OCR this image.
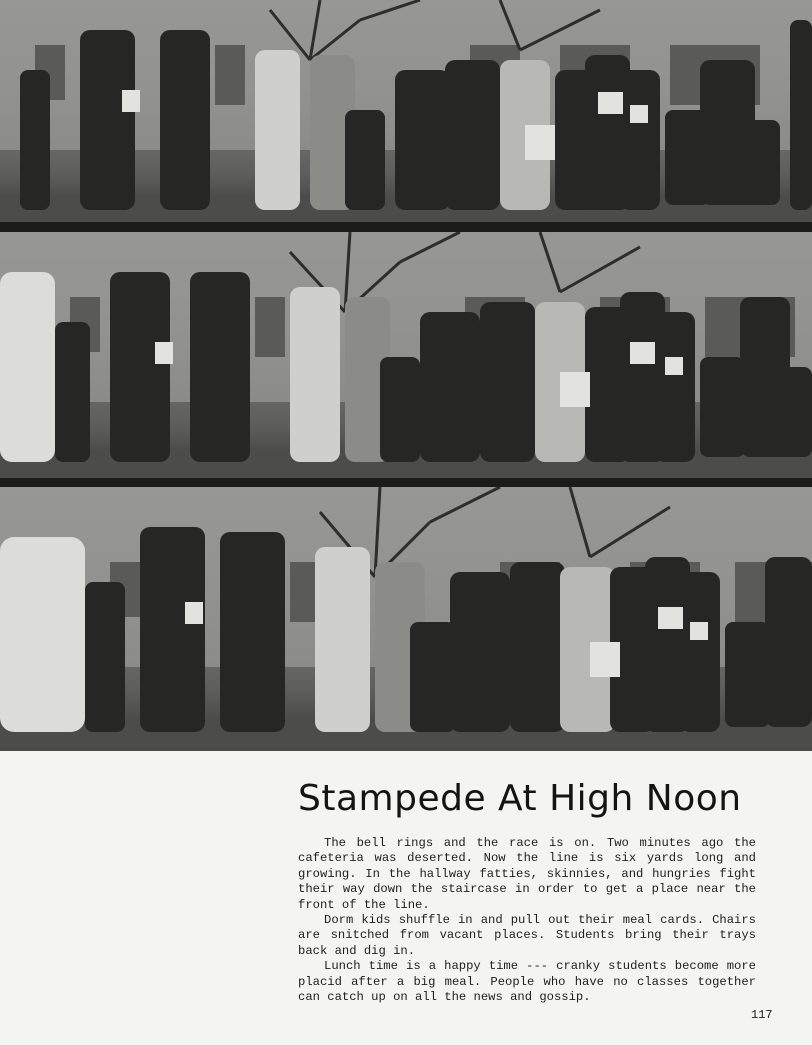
Stampede At High Noon

The bell rings and the race is on. Two minutes ago the cafeteria was deserted. Now the line is six yards long and growing. In the hallway fatties, skinnies, and hungries fight their way down the staircase in order to get a place near the front of the line.

Dorm kids shuffle in and pull out their meal cards. Chairs are snitched from vacant places. Students bring their trays back and dig in.

Lunch time is a happy time --- cranky students become more placid after a big meal. People who have no classes together can catch up on all the news and gossip.

117
